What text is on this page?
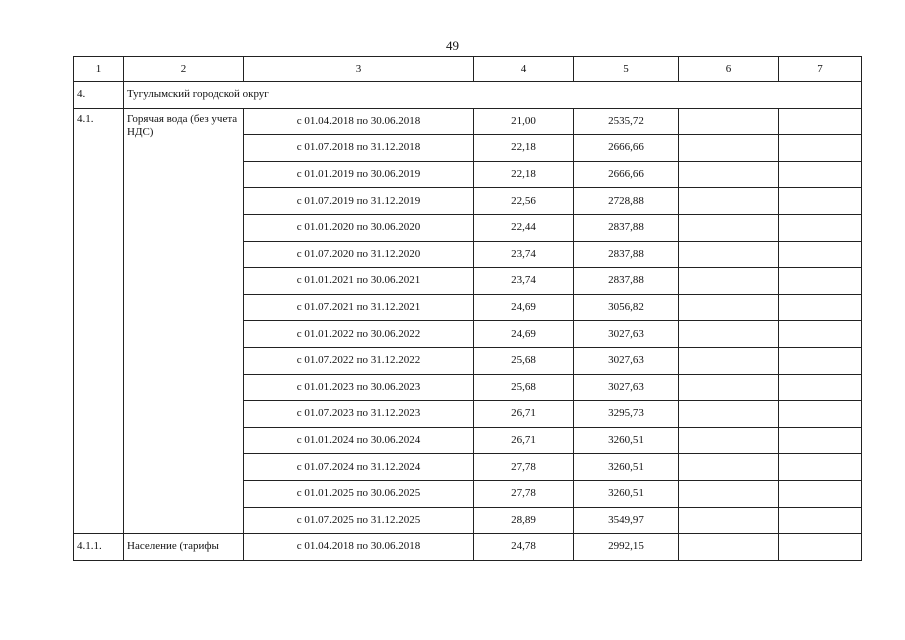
49
1	2	3	4	5	6	7
4.	Тугулымский городской округ					
4.1.	Горячая вода (без учета НДС)	с 01.04.2018 по 30.06.2018	21,00	2535,72		
		с 01.07.2018 по 31.12.2018	22,18	2666,66		
		с 01.01.2019 по 30.06.2019	22,18	2666,66		
		с 01.07.2019 по 31.12.2019	22,56	2728,88		
		с 01.01.2020 по 30.06.2020	22,44	2837,88		
		с 01.07.2020 по 31.12.2020	23,74	2837,88		
		с 01.01.2021 по 30.06.2021	23,74	2837,88		
		с 01.07.2021 по 31.12.2021	24,69	3056,82		
		с 01.01.2022 по 30.06.2022	24,69	3027,63		
		с 01.07.2022 по 31.12.2022	25,68	3027,63		
		с 01.01.2023 по 30.06.2023	25,68	3027,63		
		с 01.07.2023 по 31.12.2023	26,71	3295,73		
		с 01.01.2024 по 30.06.2024	26,71	3260,51		
		с 01.07.2024 по 31.12.2024	27,78	3260,51		
		с 01.01.2025 по 30.06.2025	27,78	3260,51		
		с 01.07.2025 по 31.12.2025	28,89	3549,97		
4.1.1.	Население (тарифы	с 01.04.2018 по 30.06.2018	24,78	2992,15		
